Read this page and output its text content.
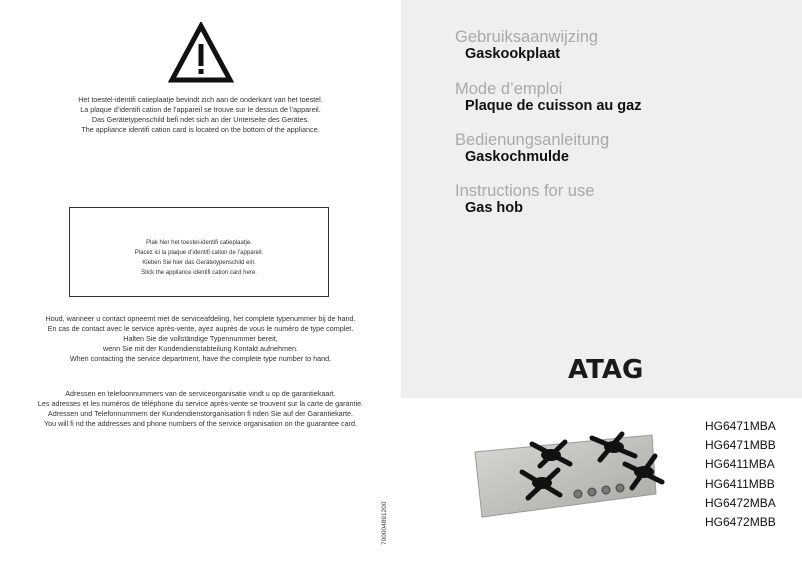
Het toestel-identifi catieplaatje bevindt zich aan de onderkant van het toestel.
La plaque d’identifi cation de l’appareil se trouve sur le dessus de l’appareil.
Das Gerätetypenschild befi ndet sich an der Unterseite des Gerätes.
The appliance identifi cation card is located on the bottom of the appliance.
Plak hier het toestel-identifi catieplaatje.
Placez ici la plaque d’identifi cation de l’appareil.
Kleben Sie hier das Gerätetypenschild ein.
Stick the appliance identifi cation card here.
Houd, wanneer u contact opneemt met de serviceafdeling, het complete typenummer bij de hand.
En cas de contact avec le service après-vente, ayez auprès de vous le numéro de type complet.
Halten Sie die vollständige Typennummer bereit,
wenn Sie mit der Kundendienstabteilung Kontakt aufnehmen.
When contacting the service department, have the complete type number to hand.
Adressen en telefoonnummers van de serviceorganisatie vindt u op de garantiekaart.
Les adresses et les numéros de téléphone du service après-vente se trouvent sur la carte de garantie.
Adressen und Telefonnummern der Kundendienstorganisation fi nden Sie auf der Garantiekarte.
You will fi nd the addresses and phone numbers of the service organisation on the guarantee card.
700004891200
Gebruiksaanwijzing
Gaskookplaat
Mode d’emploi
Plaque de cuisson au gaz
Bedienungsanleitung
Gaskochmulde
Instructions for use
Gas hob
ATAG
HG6471MBA
HG6471MBB
HG6411MBA
HG6411MBB
HG6472MBA
HG6472MBB
